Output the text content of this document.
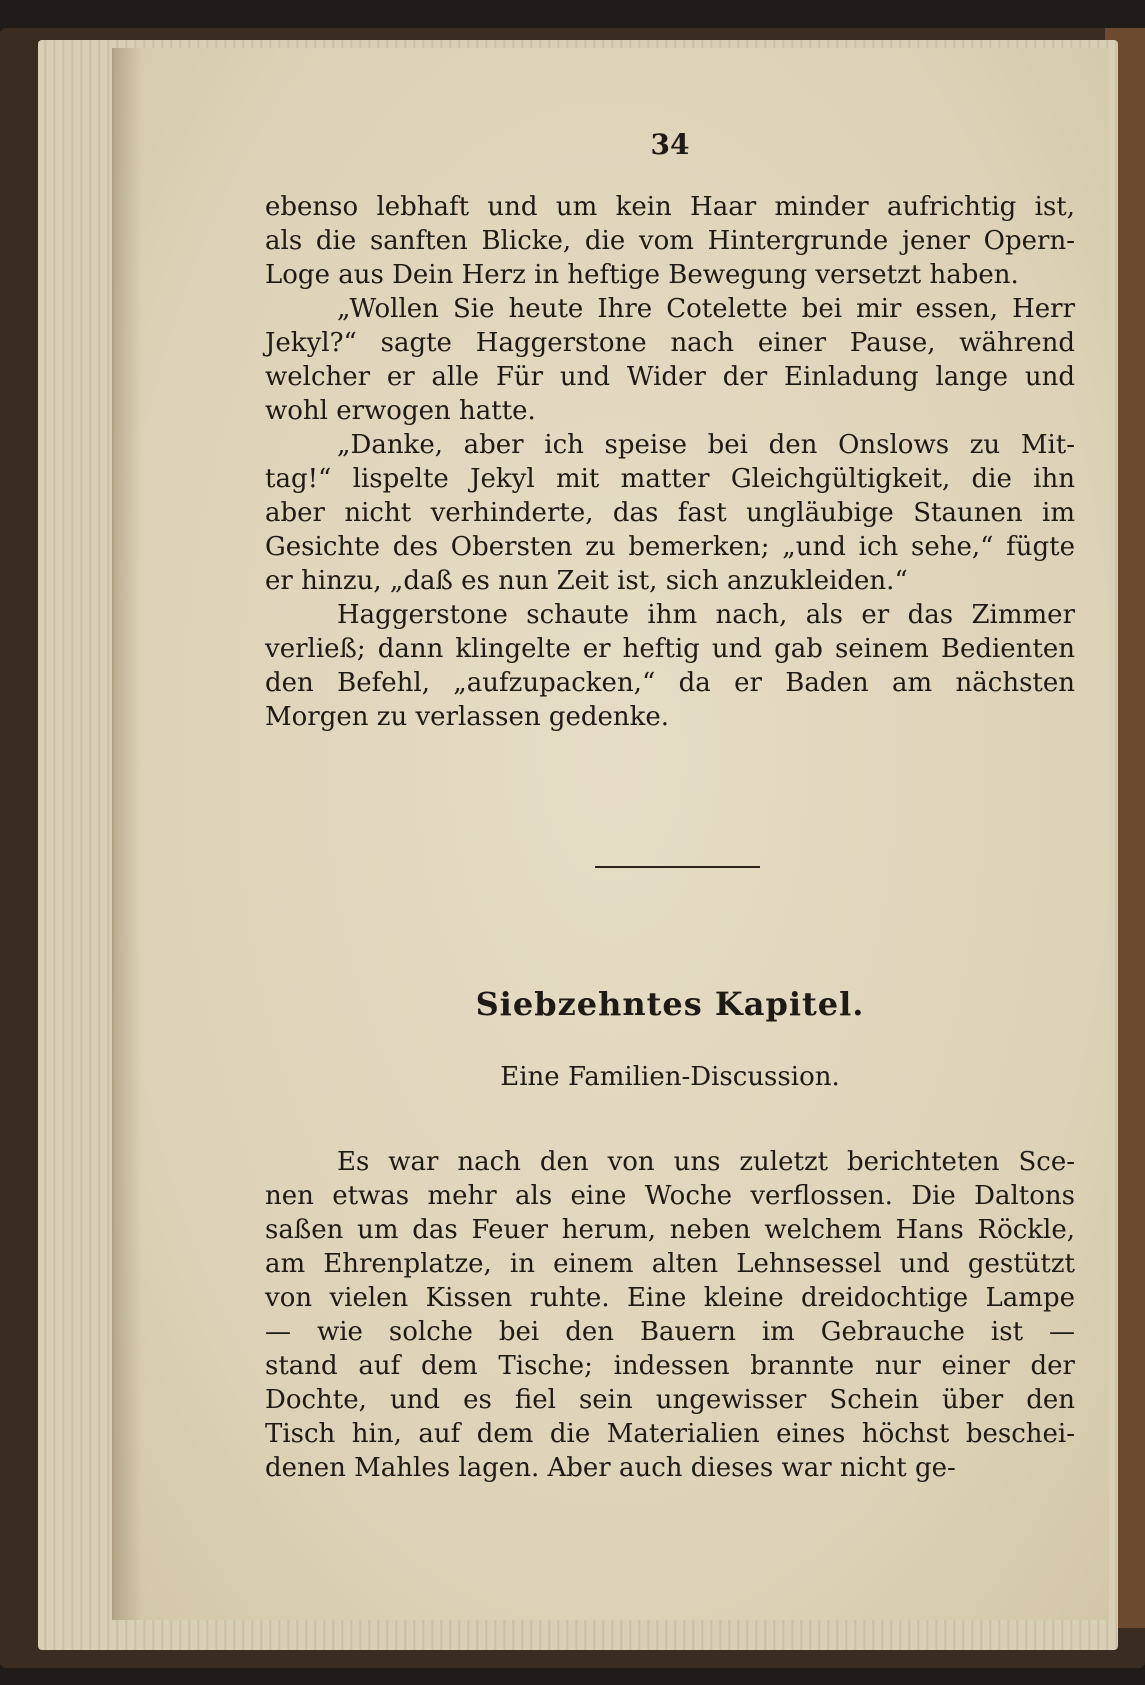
34
ebenso lebhaft und um kein Haar minder aufrichtig ist,
als die sanften Blicke, die vom Hintergrunde jener Opern-
Loge aus Dein Herz in heftige Bewegung versetzt haben.
„Wollen Sie heute Ihre Cotelette bei mir essen, Herr
Jekyl?“ sagte Haggerstone nach einer Pause, während
welcher er alle Für und Wider der Einladung lange und
wohl erwogen hatte.
„Danke, aber ich speise bei den Onslows zu Mit-
tag!“ lispelte Jekyl mit matter Gleichgültigkeit, die ihn
aber nicht verhinderte, das fast ungläubige Staunen im
Gesichte des Obersten zu bemerken; „und ich sehe,“ fügte
er hinzu, „daß es nun Zeit ist, sich anzukleiden.“
Haggerstone schaute ihm nach, als er das Zimmer
verließ; dann klingelte er heftig und gab seinem Bedienten
den Befehl, „aufzupacken,“ da er Baden am nächsten
Morgen zu verlassen gedenke.
Siebzehntes Kapitel.
Eine Familien-Discussion.
Es war nach den von uns zuletzt berichteten Sce-
nen etwas mehr als eine Woche verflossen. Die Daltons
saßen um das Feuer herum, neben welchem Hans Röckle,
am Ehrenplatze, in einem alten Lehnsessel und gestützt
von vielen Kissen ruhte. Eine kleine dreidochtige Lampe
— wie solche bei den Bauern im Gebrauche ist —
stand auf dem Tische; indessen brannte nur einer der
Dochte, und es fiel sein ungewisser Schein über den
Tisch hin, auf dem die Materialien eines höchst beschei-
denen Mahles lagen. Aber auch dieses war nicht ge-
